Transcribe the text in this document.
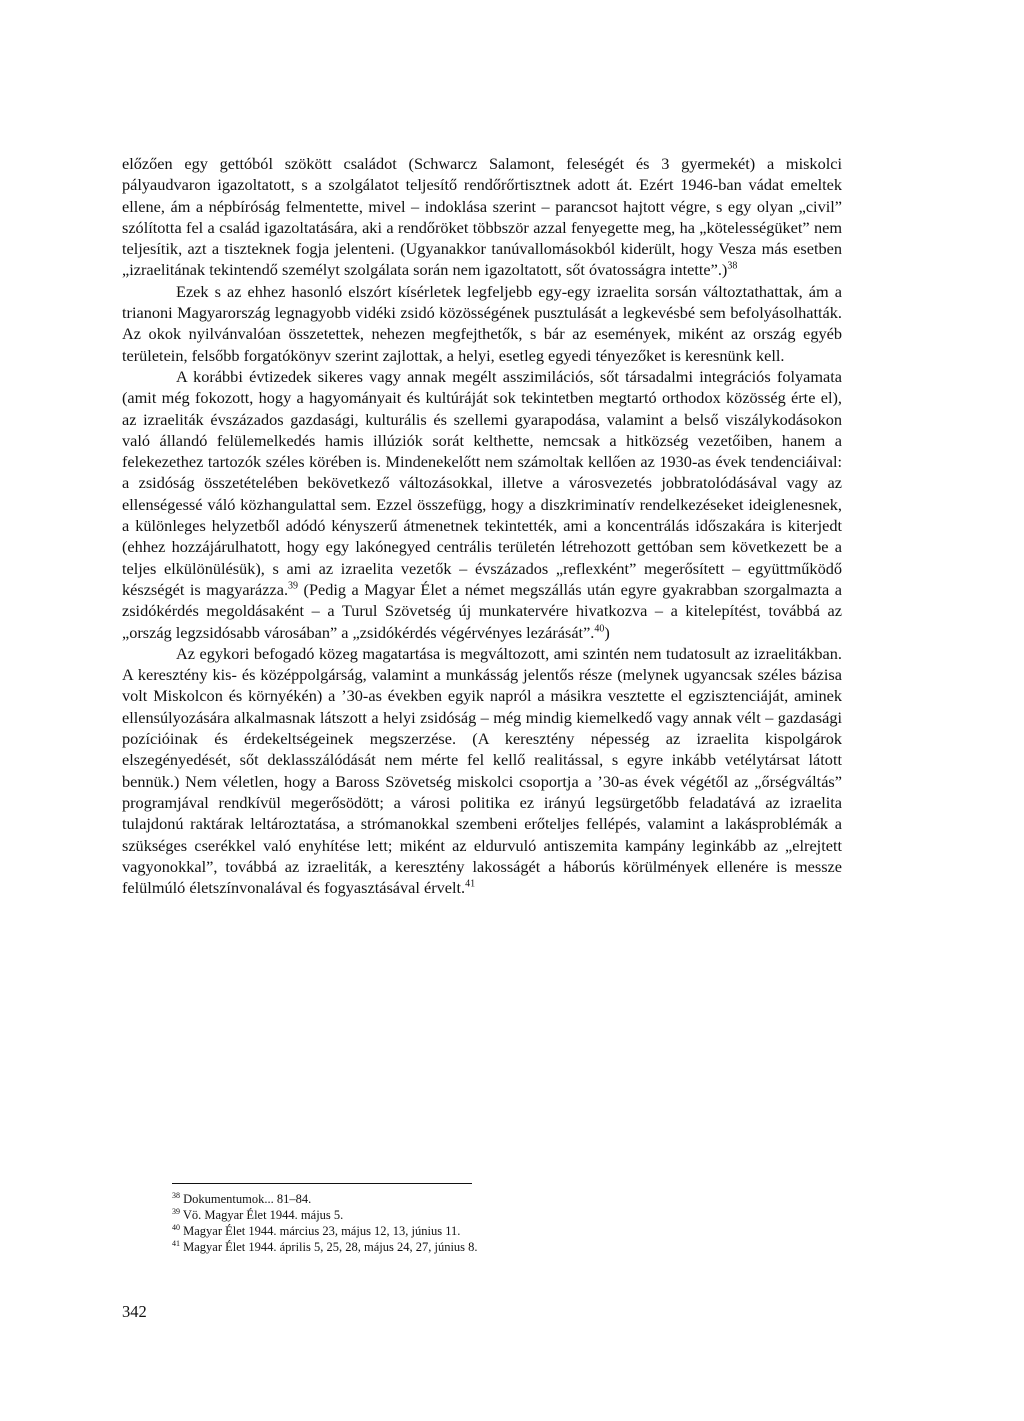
előzően egy gettóból szökött családot (Schwarcz Salamont, feleségét és 3 gyermekét) a miskolci pályaudvaron igazoltatott, s a szolgálatot teljesítő rendőrőrtisztnek adott át. Ezért 1946-ban vádat emeltek ellene, ám a népbíróság felmentette, mivel – indoklása szerint – parancsot hajtott végre, s egy olyan „civil” szólította fel a család igazoltatására, aki a rendőröket többször azzal fenyegette meg, ha „kötelességüket” nem teljesítik, azt a tiszteknek fogja jelenteni. (Ugyanakkor tanúvallomásokból kiderült, hogy Vesza más esetben „izraelitának tekintendő személyt szolgálata során nem igazoltatott, sőt óvatosságra intette”.)$^{38}$

Ezek s az ehhez hasonló elszórt kísérletek legfeljebb egy-egy izraelita sorsán változtathattak, ám a trianoni Magyarország legnagyobb vidéki zsidó közösségének pusztulását a legkevésbé sem befolyásolhatták. Az okok nyilvánvalóan összetettek, nehezen megfejthetők, s bár az események, miként az ország egyéb területein, felsőbb forgatókönyv szerint zajlottak, a helyi, esetleg egyedi tényezőket is keresnünk kell.

A korábbi évtizedek sikeres vagy annak megélt asszimilációs, sőt társadalmi integrációs folyamata (amit még fokozott, hogy a hagyományait és kultúráját sok tekintetben megtartó orthodox közösség érte el), az izraeliták évszázados gazdasági, kulturális és szellemi gyarapodása, valamint a belső viszálykodásokon való állandó felülemelkedés hamis illúziók sorát kelthette, nemcsak a hitközség vezetőiben, hanem a felekezethez tartozók széles körében is. Mindenekelőtt nem számoltak kellően az 1930-as évek tendenciáival: a zsidóság összetételében bekövetkező változásokkal, illetve a városvezetés jobbratolódásával vagy az ellenségessé váló közhangulattal sem. Ezzel összefügg, hogy a diszkriminatív rendelkezéseket ideiglenesnek, a különleges helyzetből adódó kényszerű átmenetnek tekintették, ami a koncentrálás időszakára is kiterjedt (ehhez hozzájárulhatott, hogy egy lakónegyed centrális területén létrehozott gettóban sem következett be a teljes elkülönülésük), s ami az izraelita vezetők – évszázados „reflexként” megerősített – együttműködő készségét is magyarázza.$^{39}$ (Pedig a Magyar Élet a német megszállás után egyre gyakrabban szorgalmazta a zsidókérdés megoldásaként – a Turul Szövetség új munkatervére hivatkozva – a kitelepítést, továbbá az „ország legzsidósabb városában” a „zsidókérdés végérvényes lezárását”.$^{40}$)

Az egykori befogadó közeg magatartása is megváltozott, ami szintén nem tudatosult az izraelitákban. A keresztény kis- és középpolgárság, valamint a munkásság jelentős része (melynek ugyancsak széles bázisa volt Miskolcon és környékén) a ’30-as években egyik napról a másikra vesztette el egzisztenciáját, aminek ellensúlyozására alkalmasnak látszott a helyi zsidóság – még mindig kiemelkedő vagy annak vélt – gazdasági pozícióinak és érdekeltségeinek megszerzése. (A keresztény népesség az izraelita kispolgárok elszegényedését, sőt deklasszálódását nem mérte fel kellő realitással, s egyre inkább vetélytársat látott bennük.) Nem véletlen, hogy a Baross Szövetség miskolci csoportja a ’30-as évek végétől az „őrségváltás” programjával rendkívül megerősödött; a városi politika ez irányú legsürgetőbb feladatává az izraelita tulajdonú raktárak leltároztatása, a strómanokkal szembeni erőteljes fellépés, valamint a lakásproblémák a szükséges cserékkel való enyhítése lett; miként az eldurvuló antiszemita kampány leginkább az „elrejtett vagyonokkal”, továbbá az izraeliták, a keresztény lakosságét a háborús körülmények ellenére is messze felülmúló életszínvonalával és fogyasztásával érvelt.$^{41}$

$^{38}$ Dokumentumok... 81–84.

$^{39}$ Vö. Magyar Élet 1944. május 5.

$^{40}$ Magyar Élet 1944. március 23, május 12, 13, június 11.

$^{41}$ Magyar Élet 1944. április 5, 25, 28, május 24, 27, június 8.

342
